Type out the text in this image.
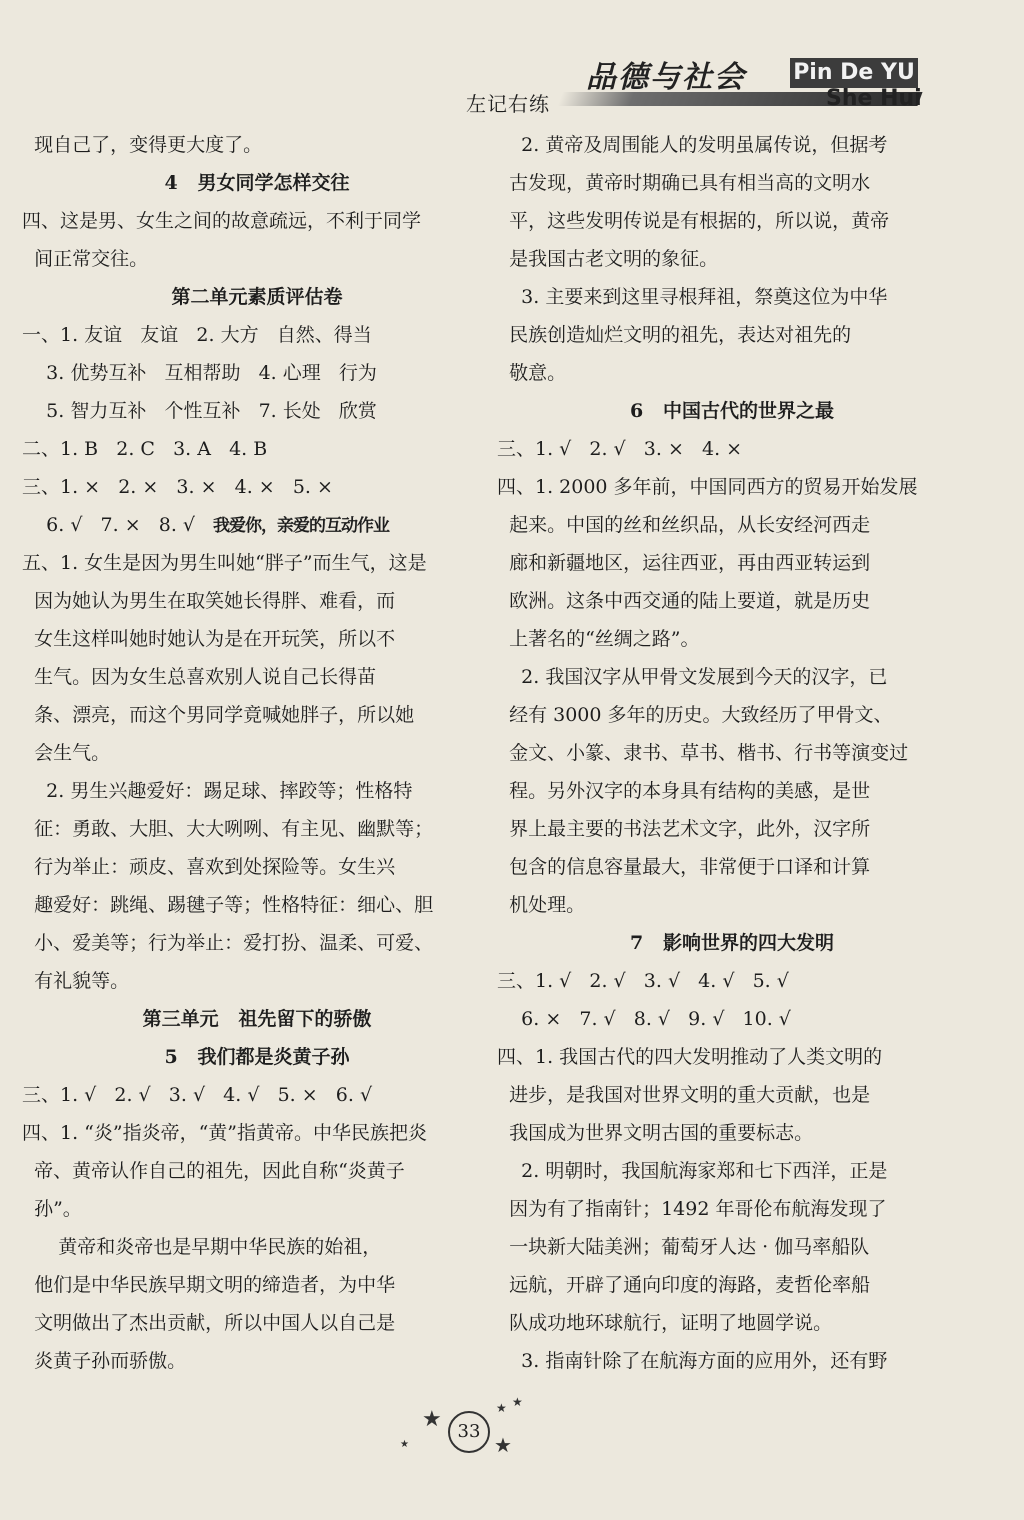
左记右练
品德与社会 Pin De YU
She Hui
现自己了，变得更大度了。
4   男女同学怎样交往
四、这是男、女生之间的故意疏远，不利于同学
间正常交往。
第二单元素质评估卷
一、1. 友谊   友谊   2. 大方   自然、得当
3. 优势互补   互相帮助   4. 心理   行为
5. 智力互补   个性互补   7. 长处   欣赏
二、1. B   2. C   3. A   4. B
三、1. ×   2. ×   3. ×   4. ×   5. ×
6. √   7. ×   8. √ 我爱你，亲爱的互动作业
五、1. 女生是因为男生叫她“胖子”而生气，这是
因为她认为男生在取笑她长得胖、难看，而
女生这样叫她时她认为是在开玩笑，所以不
生气。因为女生总喜欢别人说自己长得苗
条、漂亮，而这个男同学竟喊她胖子，所以她
会生气。
2. 男生兴趣爱好：踢足球、摔跤等；性格特
征：勇敢、大胆、大大咧咧、有主见、幽默等；
行为举止：顽皮、喜欢到处探险等。女生兴
趣爱好：跳绳、踢毽子等；性格特征：细心、胆
小、爱美等；行为举止：爱打扮、温柔、可爱、
有礼貌等。
第三单元   祖先留下的骄傲
5   我们都是炎黄子孙
三、1. √   2. √   3. √   4. √   5. ×   6. √
四、1. “炎”指炎帝，“黄”指黄帝。中华民族把炎
帝、黄帝认作自己的祖先，因此自称“炎黄子
孙”。
黄帝和炎帝也是早期中华民族的始祖，
他们是中华民族早期文明的缔造者，为中华
文明做出了杰出贡献，所以中国人以自己是
炎黄子孙而骄傲。
2. 黄帝及周围能人的发明虽属传说，但据考
古发现，黄帝时期确已具有相当高的文明水
平，这些发明传说是有根据的，所以说，黄帝
是我国古老文明的象征。
3. 主要来到这里寻根拜祖，祭奠这位为中华
民族创造灿烂文明的祖先，表达对祖先的
敬意。
6   中国古代的世界之最
三、1. √   2. √   3. ×   4. ×
四、1. 2000 多年前，中国同西方的贸易开始发展
起来。中国的丝和丝织品，从长安经河西走
廊和新疆地区，运往西亚，再由西亚转运到
欧洲。这条中西交通的陆上要道，就是历史
上著名的“丝绸之路”。
2. 我国汉字从甲骨文发展到今天的汉字，已
经有 3000 多年的历史。大致经历了甲骨文、
金文、小篆、隶书、草书、楷书、行书等演变过
程。另外汉字的本身具有结构的美感，是世
界上最主要的书法艺术文字，此外，汉字所
包含的信息容量最大，非常便于口译和计算
机处理。
7   影响世界的四大发明
三、1. √   2. √   3. √   4. √   5. √
6. ×   7. √   8. √   9. √   10. √
四、1. 我国古代的四大发明推动了人类文明的
进步，是我国对世界文明的重大贡献，也是
我国成为世界文明古国的重要标志。
2. 明朝时，我国航海家郑和七下西洋，正是
因为有了指南针；1492 年哥伦布航海发现了
一块新大陆美洲；葡萄牙人达 · 伽马率船队
远航，开辟了通向印度的海路，麦哲伦率船
队成功地环球航行，证明了地圆学说。
3. 指南针除了在航海方面的应用外，还有野
★	★ ★
★
★
33
